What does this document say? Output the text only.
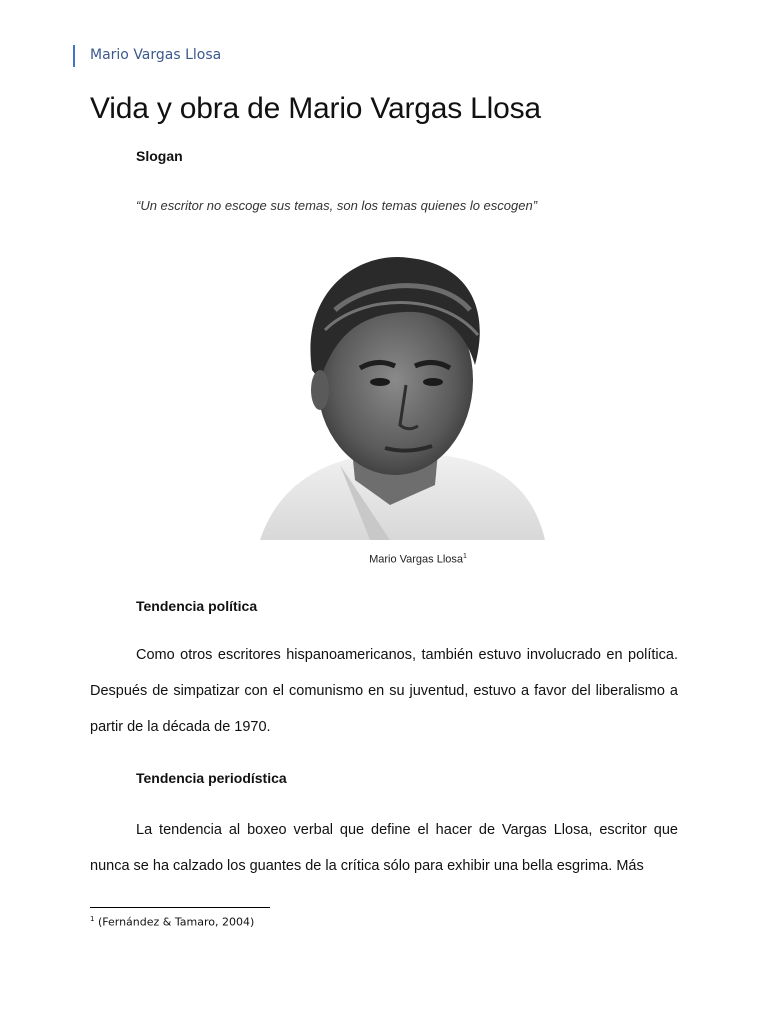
Mario Vargas Llosa
Vida y obra de Mario Vargas Llosa
Slogan
“Un escritor no escoge sus temas, son los temas quienes lo escogen”
Mario Vargas Llosa$^1$
Tendencia política

Como otros escritores hispanoamericanos, también estuvo involucrado en política. Después de simpatizar con el comunismo en su juventud, estuvo a favor del liberalismo a partir de la década de 1970.

Tendencia periodística

La tendencia al boxeo verbal que define el hacer de Vargas Llosa, escritor que nunca se ha calzado los guantes de la crítica sólo para exhibir una bella esgrima. Más

$^1$ (Fernández & Tamaro, 2004)
